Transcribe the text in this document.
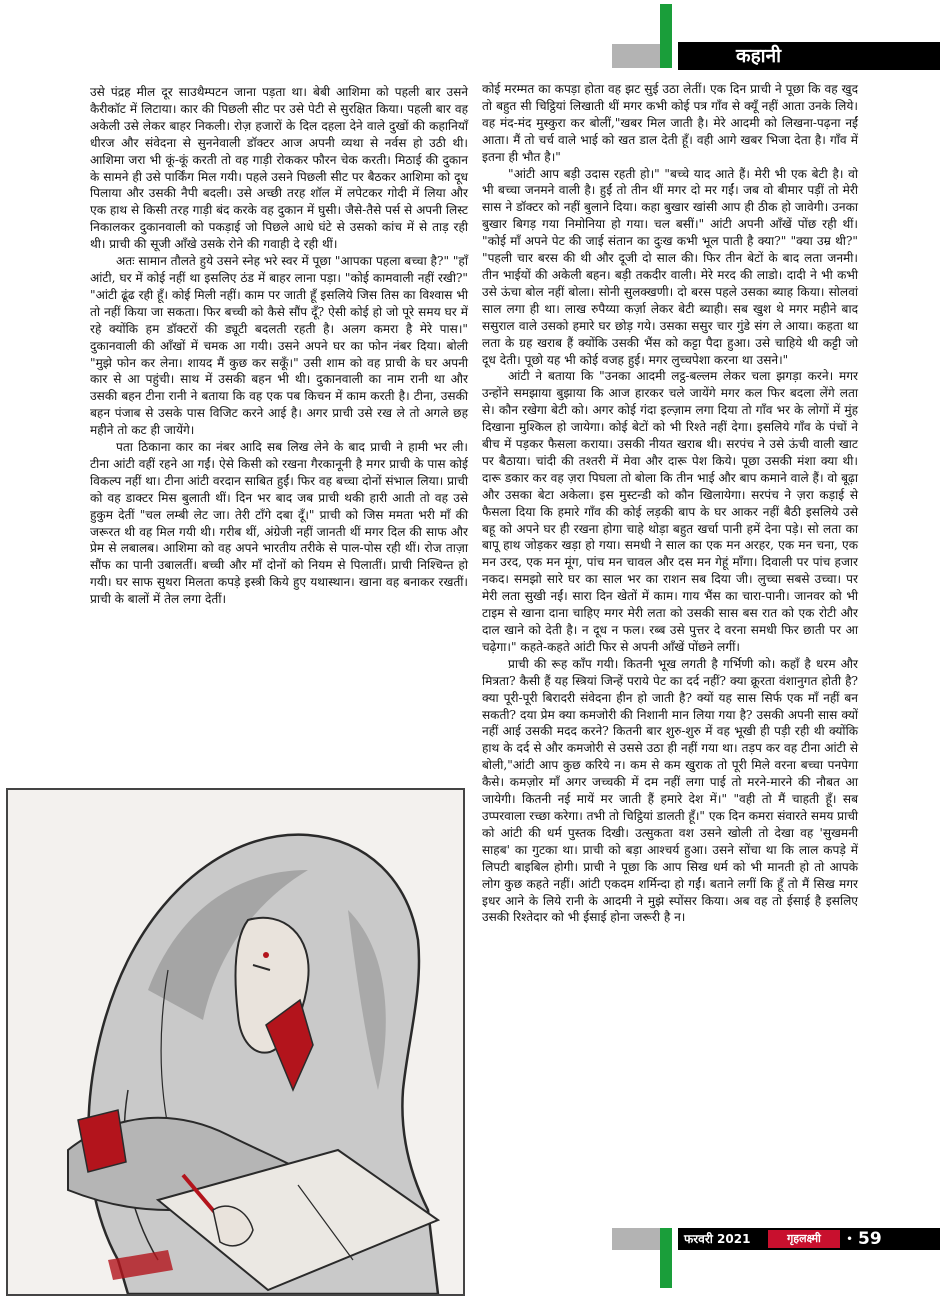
कहानी

उसे पंद्रह मील दूर साउथैम्पटन जाना पड़ता था। बेबी आशिमा को पहली बार उसने कैरीकॉट में लिटाया। कार की पिछली सीट पर उसे पेटी से सुरक्षित किया। पहली बार वह अकेली उसे लेकर बाहर निकली। रोज़ हजारों के दिल दहला देने वाले दुखों की कहानियाँ धीरज और संवेदना से सुननेवाली डॉक्टर आज अपनी व्यथा से नर्वस हो उठी थी। आशिमा जरा भी कूं-कूं करती तो वह गाड़ी रोककर फौरन चेक करती। मिठाई की दुकान के सामने ही उसे पार्किंग मिल गयी। पहले उसने पिछली सीट पर बैठकर आशिमा को दूध पिलाया और उसकी नैपी बदली। उसे अच्छी तरह शॉल में लपेटकर गोदी में लिया और एक हाथ से किसी तरह गाड़ी बंद करके वह दुकान में घुसी। जैसे-तैसे पर्स से अपनी लिस्ट निकालकर दुकानवाली को पकड़ाई जो पिछले आधे घंटे से उसको कांच में से ताड़ रही थी। प्राची की सूजी आँखे उसके रोने की गवाही दे रही थीं।

अतः सामान तौलते हुये उसने स्नेह भरे स्वर में पूछा "आपका पहला बच्चा है?" "हाँ आंटी, घर में कोई नहीं था इसलिए ठंड में बाहर लाना पड़ा। "कोई कामवाली नहीं रखी?" "आंटी ढूंढ रही हूँ। कोई मिली नहीं। काम पर जाती हूँ इसलिये जिस तिस का विश्वास भी तो नहीं किया जा सकता। फिर बच्ची को कैसे सौंप दूँ? ऐसी कोई हो जो पूरे समय घर में रहे क्योंकि हम डॉक्टरों की ड्यूटी बदलती रहती है। अलग कमरा है मेरे पास।" दुकानवाली की आँखों में चमक आ गयी। उसने अपने घर का फोन नंबर दिया। बोली "मुझे फोन कर लेना। शायद मैं कुछ कर सकूँ।" उसी शाम को वह प्राची के घर अपनी कार से आ पहुंची। साथ में उसकी बहन भी थी। दुकानवाली का नाम रानी था और उसकी बहन टीना रानी ने बताया कि वह एक पब किचन में काम करती है। टीना, उसकी बहन पंजाब से उसके पास विजिट करने आई है। अगर प्राची उसे रख ले तो अगले छह महीने तो कट ही जायेंगे।

पता ठिकाना कार का नंबर आदि सब लिख लेने के बाद प्राची ने हामी भर ली। टीना आंटी वहीं रहने आ गईं। ऐसे किसी को रखना गैरकानूनी है मगर प्राची के पास कोई विकल्प नहीं था। टीना आंटी वरदान साबित हुईं। फिर वह बच्चा दोनों संभाल लिया। प्राची को वह डाक्टर मिस बुलाती थीं। दिन भर बाद जब प्राची थकी हारी आती तो वह उसे हुकुम देतीं "चल लम्बी लेट जा। तेरी टाँगे दबा दूँ।" प्राची को जिस ममता भरी माँ की जरूरत थी वह मिल गयी थी। गरीब थीं, अंग्रेजी नहीं जानती थीं मगर दिल की साफ और प्रेम से लबालब। आशिमा को वह अपने भारतीय तरीके से पाल-पोस रही थीं। रोज ताज़ा सौंफ का पानी उबालतीं। बच्ची और माँ दोनों को नियम से पिलातीं। प्राची निश्चिन्त हो गयी। घर साफ सुथरा मिलता कपड़े इस्त्री किये हुए यथास्थान। खाना वह बनाकर रखतीं। प्राची के बालों में तेल लगा देतीं।

कोई मरम्मत का कपड़ा होता वह झट सुई उठा लेतीं। एक दिन प्राची ने पूछा कि वह खुद तो बहुत सी चिट्ठियां लिखाती थीं मगर कभी कोई पत्र गाँव से क्यूँ नहीं आता उनके लिये। वह मंद-मंद मुस्कुरा कर बोलीं,"खबर मिल जाती है। मेरे आदमी को लिखना-पढ़ना नईं आता। मैं तो चर्च वाले भाई को खत डाल देती हूँ। वही आगे खबर भिजा देता है। गाँव में इतना ही भौत है।"

"आंटी आप बड़ी उदास रहती हो।" "बच्चे याद आते हैं। मेरी भी एक बेटी है। वो भी बच्चा जनमने वाली है। हुईं तो तीन थीं मगर दो मर गईं। जब वो बीमार पड़ीं तो मेरी सास ने डॉक्टर को नहीं बुलाने दिया। कहा बुखार खांसी आप ही ठीक हो जावेगी। उनका बुखार बिगड़ गया निमोनिया हो गया। चल बसीं।" आंटी अपनी आँखें पोंछ रही थीं। "कोई माँ अपने पेट की जाई संतान का दुःख कभी भूल पाती है क्या?" "क्या उम्र थी?" "पहली चार बरस की थी और दूजी दो साल की। फिर तीन बेटों के बाद लता जनमी। तीन भाईयों की अकेली बहन। बड़ी तकदीर वाली। मेरे मरद की लाडो। दादी ने भी कभी उसे ऊंचा बोल नहीं बोला। सोनी सुलक्खणी। दो बरस पहले उसका ब्याह किया। सोलवां साल लगा ही था। लाख रुपैय्या कर्ज़ा लेकर बेटी ब्याही। सब खुश थे मगर महीने बाद ससुराल वाले उसको हमारे घर छोड़ गये। उसका ससुर चार गुंडे संग ले आया। कहता था लता के ग्रह खराब हैं क्योंकि उसकी भैंस को कट्टा पैदा हुआ। उसे चाहिये थी कट्टी जो दूध देती। पूछो यह भी कोई वजह हुई। मगर लुच्चपेशा करना था उसने।"

आंटी ने बताया कि "उनका आदमी लट्ठ-बल्लम लेकर चला झगड़ा करने। मगर उन्होंने समझाया बुझाया कि आज हारकर चले जायेंगे मगर कल फिर बदला लेंगे लता से। कौन रखेगा बेटी को। अगर कोई गंदा इल्ज़ाम लगा दिया तो गाँव भर के लोगों में मुंह दिखाना मुश्किल हो जायेगा। कोई बेटों को भी रिश्ते नहीं देगा। इसलिये गाँव के पंचों ने बीच में पड़कर फैसला कराया। उसकी नीयत खराब थी। सरपंच ने उसे ऊंची वाली खाट पर बैठाया। चांदी की तश्तरी में मेवा और दारू पेश किये। पूछा उसकी मंशा क्या थी। दारू डकार कर वह ज़रा पिघला तो बोला कि तीन भाई और बाप कमाने वाले हैं। वो बूढ़ा और उसका बेटा अकेला। इस मुस्टन्डी को कौन खिलायेगा। सरपंच ने ज़रा कड़ाई से फैसला दिया कि हमारे गाँव की कोई लड़की बाप के घर आकर नहीं बैठी इसलिये उसे बहू को अपने घर ही रखना होगा चाहे थोड़ा बहुत खर्चा पानी हमें देना पड़े। सो लता का बापू हाथ जोड़कर खड़ा हो गया। समधी ने साल का एक मन अरहर, एक मन चना, एक मन उरद, एक मन मूंग, पांच मन चावल और दस मन गेहूं माँगा। दिवाली पर पांच हजार नकद। समझो सारे घर का साल भर का राशन सब दिया जी। लुच्चा सबसे उच्चा। पर मेरी लता सुखी नईं। सारा दिन खेतों में काम। गाय भैंस का चारा-पानी। जानवर को भी टाइम से खाना दाना चाहिए मगर मेरी लता को उसकी सास बस रात को एक रोटी और दाल खाने को देती है। न दूध न फल। रब्ब उसे पुत्तर दे वरना समधी फिर छाती पर आ चढ़ेगा।" कहते-कहते आंटी फिर से अपनी आँखें पोंछने लगीं।

प्राची की रूह काँप गयी। कितनी भूख लगती है गर्भिणी को। कहाँ है धरम और मित्रता? कैसी हैं यह स्त्रियां जिन्हें पराये पेट का दर्द नहीं? क्या क्रूरता वंशानुगत होती है? क्या पूरी-पूरी बिरादरी संवेदना हीन हो जाती है? क्यों यह सास सिर्फ एक माँ नहीं बन सकती? दया प्रेम क्या कमजोरी की निशानी मान लिया गया है? उसकी अपनी सास क्यों नहीं आई उसकी मदद करने? कितनी बार शुरु-शुरु में वह भूखी ही पड़ी रही थी क्योंकि हाथ के दर्द से और कमजोरी से उससे उठा ही नहीं गया था। तड़प कर वह टीना आंटी से बोली,"आंटी आप कुछ करिये न। कम से कम खुराक तो पूरी मिले वरना बच्चा पनपेगा कैसे। कमज़ोर माँ अगर जच्चकी में दम नहीं लगा पाई तो मरने-मारने की नौबत आ जायेगी। कितनी नई मायें मर जाती हैं हमारे देश में।" "वही तो मैं चाहती हूँ। सब उप्परवाला रच्छा करेगा। तभी तो चिट्ठियां डालती हूँ।" एक दिन कमरा संवारते समय प्राची को आंटी की धर्म पुस्तक दिखी। उत्सुकता वश उसने खोली तो देखा वह 'सुखमनी साहब' का गुटका था। प्राची को बड़ा आश्चर्य हुआ। उसने सोंचा था कि लाल कपड़े में लिपटी बाइबिल होगी। प्राची ने पूछा कि आप सिख धर्म को भी मानती हो तो आपके लोग कुछ कहते नहीं। आंटी एकदम शर्मिन्दा हो गईं। बताने लगीं कि हूँ तो मैं सिख मगर इधर आने के लिये रानी के आदमी ने मुझे स्पोंसर किया। अब वह तो ईसाई है इसलिए उसकी रिश्तेदार को भी ईसाई होना जरूरी है न।

फरवरी 2021	गृहलक्ष्मी	• 59
